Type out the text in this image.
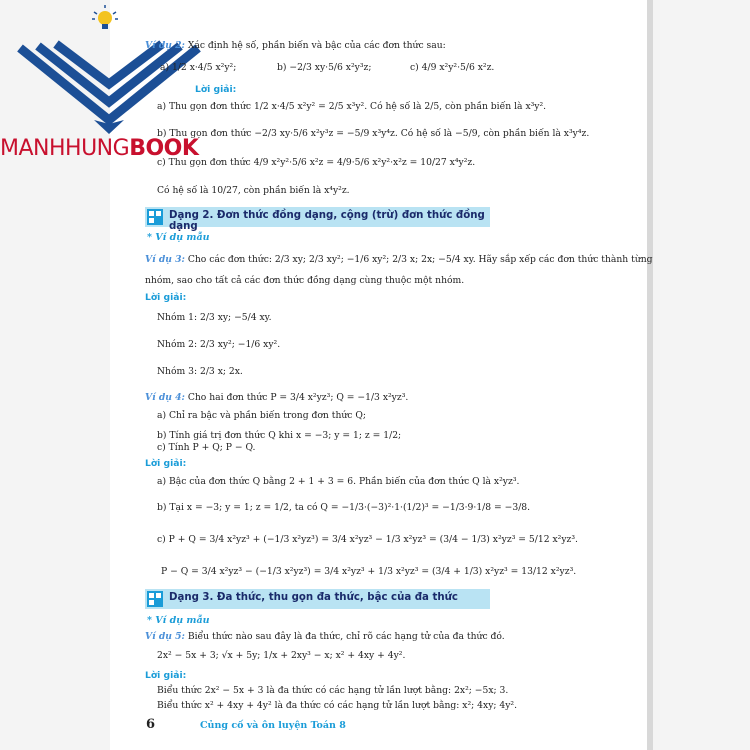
MANHHUNGBOOK
Ví dụ 2: Xác định hệ số, phần biến và bậc của các đơn thức sau:
a) 1/2 x·4/5 x²y²;	b) −2/3 xy·5/6 x²y³z;	c) 4/9 x²y²·5/6 x²z.
Lời giải:
a) Thu gọn đơn thức 1/2 x·4/5 x²y² = 2/5 x³y². Có hệ số là 2/5, còn phần biến là x³y².
b) Thu gọn đơn thức −2/3 xy·5/6 x²y³z = −5/9 x³y⁴z. Có hệ số là −5/9, còn phần biến là x³y⁴z.
c) Thu gọn đơn thức 4/9 x²y²·5/6 x²z = 4/9·5/6 x²y²·x²z = 10/27 x⁴y²z.
Có hệ số là 10/27, còn phần biến là x⁴y²z.
* Ví dụ mẫu
Ví dụ 3: Cho các đơn thức: 2/3 xy; 2/3 xy²; −1/6 xy²; 2/3 x; 2x; −5/4 xy. Hãy sắp xếp các đơn thức thành từng
nhóm, sao cho tất cả các đơn thức đồng dạng cùng thuộc một nhóm.
Lời giải:
Nhóm 1: 2/3 xy; −5/4 xy.
Nhóm 2: 2/3 xy²; −1/6 xy².
Nhóm 3: 2/3 x; 2x.
Ví dụ 4: Cho hai đơn thức P = 3/4 x²yz³; Q = −1/3 x²yz³.
a) Chỉ ra bậc và phần biến trong đơn thức Q;
b) Tính giá trị đơn thức Q khi x = −3; y = 1; z = 1/2;
c) Tính P + Q; P − Q.
Lời giải:
a) Bậc của đơn thức Q bằng 2 + 1 + 3 = 6. Phần biến của đơn thức Q là x²yz³.
b) Tại x = −3; y = 1; z = 1/2, ta có Q = −1/3·(−3)²·1·(1/2)³ = −1/3·9·1/8 = −3/8.
c) P + Q = 3/4 x²yz³ + (−1/3 x²yz³) = 3/4 x²yz³ − 1/3 x²yz³ = (3/4 − 1/3) x²yz³ = 5/12 x²yz³.
P − Q = 3/4 x²yz³ − (−1/3 x²yz³) = 3/4 x²yz³ + 1/3 x²yz³ = (3/4 + 1/3) x²yz³ = 13/12 x²yz³.
* Ví dụ mẫu
Ví dụ 5: Biểu thức nào sau đây là đa thức, chỉ rõ các hạng tử của đa thức đó.
2x² − 5x + 3; √x + 5y; 1/x + 2xy³ − x; x² + 4xy + 4y².
Lời giải:
Biểu thức 2x² − 5x + 3 là đa thức có các hạng tử lần lượt bằng: 2x²; −5x; 3.
Biểu thức x² + 4xy + 4y² là đa thức có các hạng tử lần lượt bằng: x²; 4xy; 4y².
Dạng 2. Đơn thức đồng dạng, cộng (trừ) đơn thức đồng dạng
Dạng 3. Đa thức, thu gọn đa thức, bậc của đa thức
6	Củng cố và ôn luyện Toán 8
